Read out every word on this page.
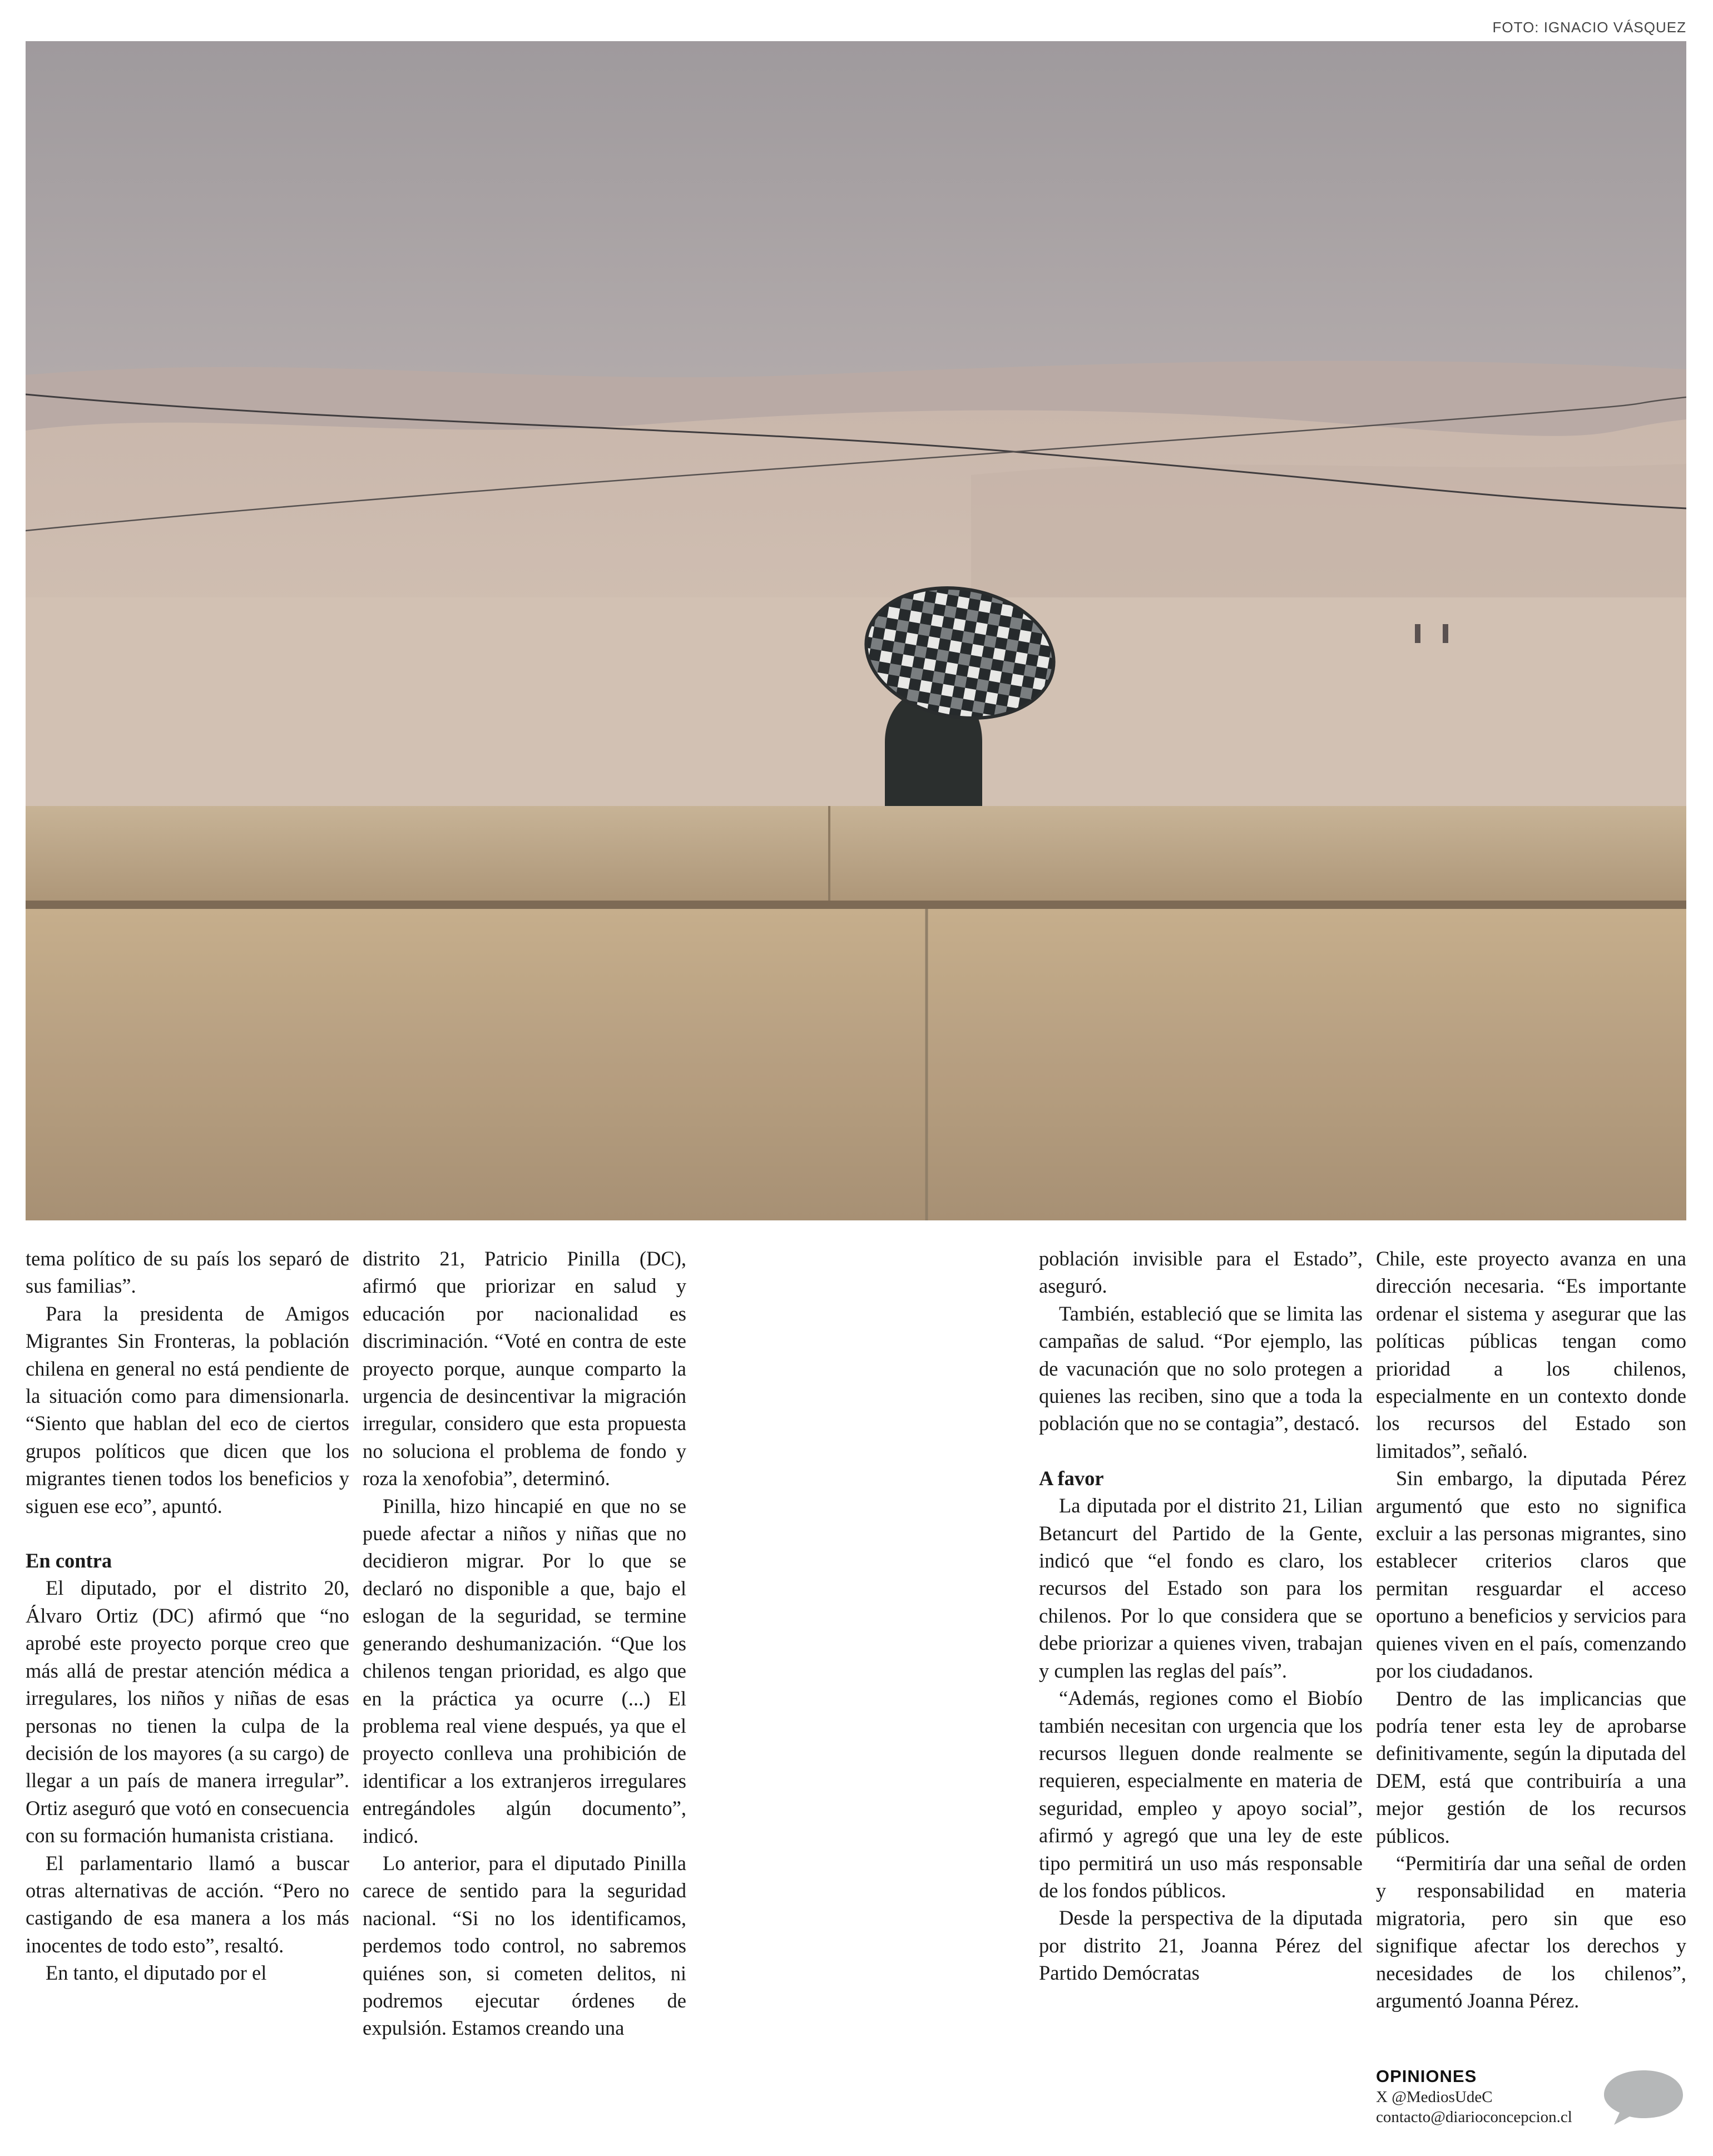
FOTO: IGNACIO VÁSQUEZ

tema político de su país los separó de sus familias”.

Para la presidenta de Amigos Migrantes Sin Fronteras, la población chilena en general no está pendiente de la situación como para dimensionarla. “Siento que hablan del eco de ciertos grupos políticos que dicen que los migrantes tienen todos los beneficios y siguen ese eco”, apuntó.

En contra

El diputado, por el distrito 20, Álvaro Ortiz (DC) afirmó que “no aprobé este proyecto porque creo que más allá de prestar atención médica a irregulares, los niños y niñas de esas personas no tienen la culpa de la decisión de los mayores (a su cargo) de llegar a un país de manera irregular”. Ortiz aseguró que votó en consecuencia con su formación humanista cristiana.

El parlamentario llamó a buscar otras alternativas de acción. “Pero no castigando de esa manera a los más inocentes de todo esto”, resaltó.

En tanto, el diputado por el

distrito 21, Patricio Pinilla (DC), afirmó que priorizar en salud y educación por nacionalidad es discriminación. “Voté en contra de este proyecto porque, aunque comparto la urgencia de desincentivar la migración irregular, considero que esta propuesta no soluciona el problema de fondo y roza la xenofobia”, determinó.

Pinilla, hizo hincapié en que no se puede afectar a niños y niñas que no decidieron migrar. Por lo que se declaró no disponible a que, bajo el eslogan de la seguridad, se termine generando deshumanización. “Que los chilenos tengan prioridad, es algo que en la práctica ya ocurre (...) El problema real viene después, ya que el proyecto conlleva una prohibición de identificar a los extranjeros irregulares entregándoles algún documento”, indicó.

Lo anterior, para el diputado Pinilla carece de sentido para la seguridad nacional. “Si no los identificamos, perdemos todo control, no sabremos quiénes son, si cometen delitos, ni podremos ejecutar órdenes de expulsión. Estamos creando una

población invisible para el Estado”, aseguró.

También, estableció que se limita las campañas de salud. “Por ejemplo, las de vacunación que no solo protegen a quienes las reciben, sino que a toda la población que no se contagia”, destacó.

A favor

La diputada por el distrito 21, Lilian Betancurt del Partido de la Gente, indicó que “el fondo es claro, los recursos del Estado son para los chilenos. Por lo que considera que se debe priorizar a quienes viven, trabajan y cumplen las reglas del país”.

“Además, regiones como el Biobío también necesitan con urgencia que los recursos lleguen donde realmente se requieren, especialmente en materia de seguridad, empleo y apoyo social”, afirmó y agregó que una ley de este tipo permitirá un uso más responsable de los fondos públicos.

Desde la perspectiva de la diputada por distrito 21, Joanna Pérez del Partido Demócratas

Chile, este proyecto avanza en una dirección necesaria. “Es importante ordenar el sistema y asegurar que las políticas públicas tengan como prioridad a los chilenos, especialmente en un contexto donde los recursos del Estado son limitados”, señaló.

Sin embargo, la diputada Pérez argumentó que esto no significa excluir a las personas migrantes, sino establecer criterios claros que permitan resguardar el acceso oportuno a beneficios y servicios para quienes viven en el país, comenzando por los ciudadanos.

Dentro de las implicancias que podría tener esta ley de aprobarse definitivamente, según la diputada del DEM, está que contribuiría a una mejor gestión de los recursos públicos.

“Permitiría dar una señal de orden y responsabilidad en materia migratoria, pero sin que eso signifique afectar los derechos y necesidades de los chilenos”, argumentó Joanna Pérez.

OPINIONES
X @MediosUdeC
contacto@diarioconcepcion.cl
